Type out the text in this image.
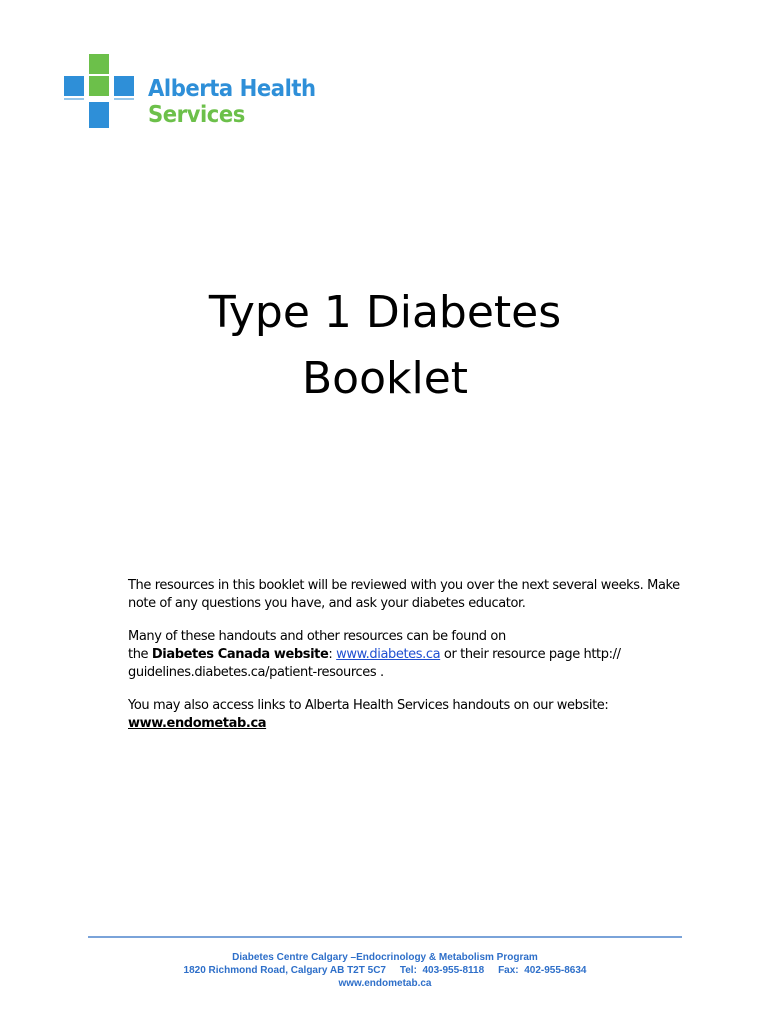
Alberta Health
Services
Type 1 Diabetes
Booklet

The resources in this booklet will be reviewed with you over the next several weeks. Make note of any questions you have, and ask your diabetes educator.

Many of these handouts and other resources can be found on
the Diabetes Canada website: www.diabetes.ca or their resource page http://
guidelines.diabetes.ca/patient-resources .

You may also access links to Alberta Health Services handouts on our website:
www.endometab.ca

Diabetes Centre Calgary –Endocrinology & Metabolism Program
1820 Richmond Road, Calgary AB T2T 5C7     Tel:  403-955-8118     Fax:  402-955-8634
www.endometab.ca
